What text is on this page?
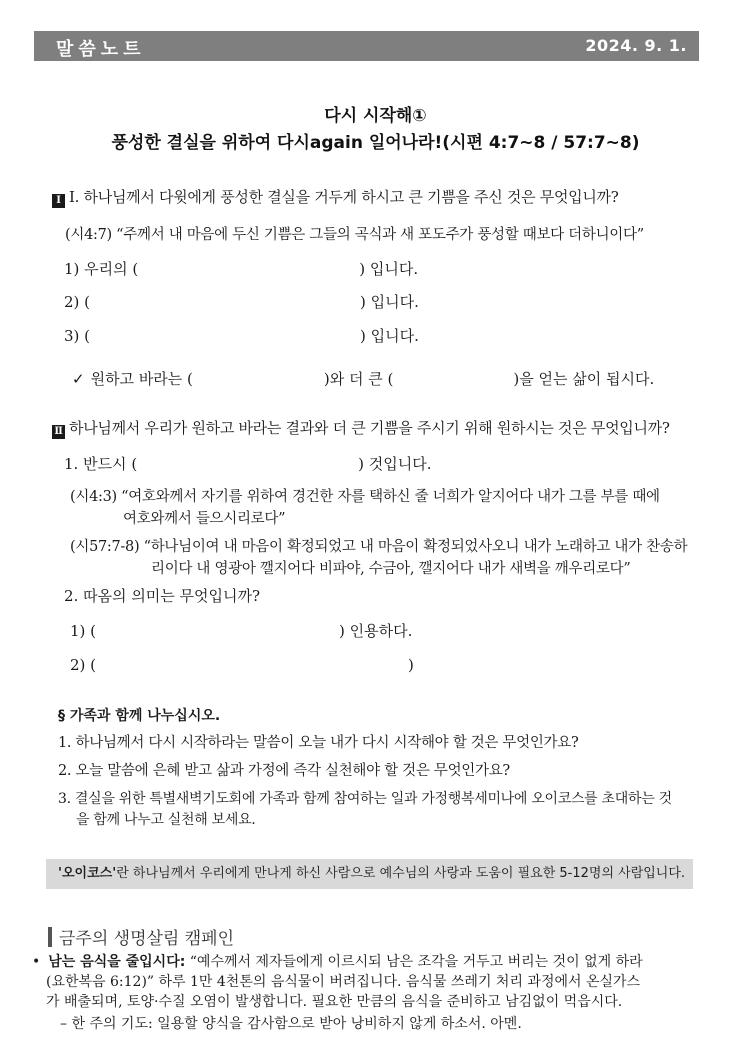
말씀노트	2024. 9. 1.
다시 시작해①
풍성한 결실을 위하여 다시again 일어나라!(시편 4:7~8 / 57:7~8)
Ⅰ I. 하나님께서 다윗에게 풍성한 결실을 거두게 하시고 큰 기쁨을 주신 것은 무엇입니까?
(시4:7) “주께서 내 마음에 두신 기쁨은 그들의 곡식과 새 포도주가 풍성할 때보다 더하니이다”
1) 우리의 (	) 입니다.
2) (	) 입니다.
3) (	) 입니다.
✓ 원하고 바라는 (	)와 더 큰 (	)을 얻는 삶이 됩시다.
Ⅱ 하나님께서 우리가 원하고 바라는 결과와 더 큰 기쁨을 주시기 위해 원하시는 것은 무엇입니까?
1. 반드시 (	) 것입니다.
(시4:3) “여호와께서 자기를 위하여 경건한 자를 택하신 줄 너희가 알지어다 내가 그를 부를 때에
여호와께서 들으시리로다”
(시57:7-8) “하나님이여 내 마음이 확정되었고 내 마음이 확정되었사오니 내가 노래하고 내가 찬송하
리이다 내 영광아 깰지어다 비파야, 수금아, 깰지어다 내가 새벽을 깨우리로다”
2. 따옴의 의미는 무엇입니까?
1) (	) 인용하다.
2) (	)
§ 가족과 함께 나누십시오.
1. 하나님께서 다시 시작하라는 말씀이 오늘 내가 다시 시작해야 할 것은 무엇인가요?
2. 오늘 말씀에 은혜 받고 삶과 가정에 즉각 실천해야 할 것은 무엇인가요?
3. 결실을 위한 특별새벽기도회에 가족과 함께 참여하는 일과 가정행복세미나에 오이코스를 초대하는 것
을 함께 나누고 실천해 보세요.
'오이코스'란 하나님께서 우리에게 만나게 하신 사람으로 예수님의 사랑과 도움이 필요한 5-12명의 사람입니다.
금주의 생명살림 캠페인
• 남는 음식을 줄입시다: “예수께서 제자들에게 이르시되 남은 조각을 거두고 버리는 것이 없게 하라
(요한복음 6:12)” 하루 1만 4천톤의 음식물이 버려집니다. 음식물 쓰레기 처리 과정에서 온실가스
가 배출되며, 토양·수질 오염이 발생합니다. 필요한 만큼의 음식을 준비하고 남김없이 먹읍시다.
– 한 주의 기도: 일용할 양식을 감사함으로 받아 낭비하지 않게 하소서. 아멘.
